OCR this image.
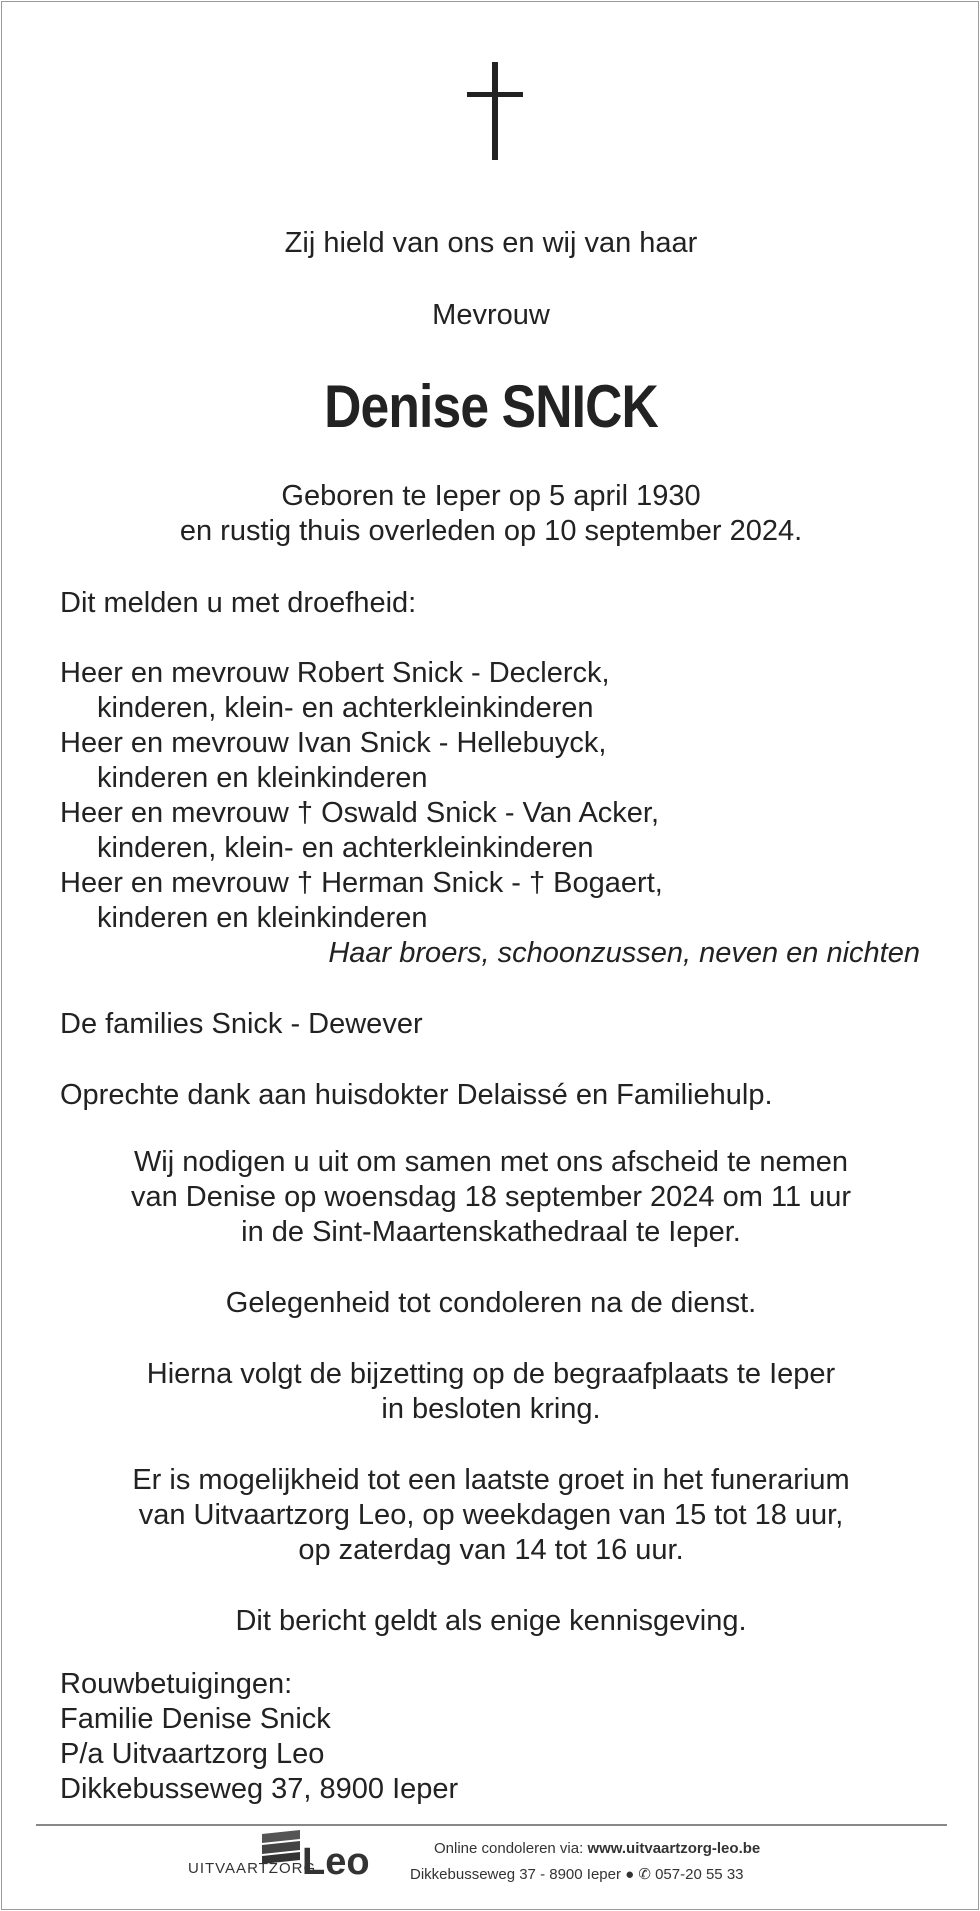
Zij hield van ons en wij van haar
Mevrouw
Denise SNICK
Geboren te Ieper op 5 april 1930
en rustig thuis overleden op 10 september 2024.
Dit melden u met droefheid:
Heer en mevrouw Robert Snick - Declerck,
kinderen, klein- en achterkleinkinderen
Heer en mevrouw Ivan Snick - Hellebuyck,
kinderen en kleinkinderen
Heer en mevrouw † Oswald Snick - Van Acker,
kinderen, klein- en achterkleinkinderen
Heer en mevrouw † Herman Snick - † Bogaert,
kinderen en kleinkinderen
Haar broers, schoonzussen, neven en nichten
De families Snick - Dewever
Oprechte dank aan huisdokter Delaissé en Familiehulp.
Wij nodigen u uit om samen met ons afscheid te nemen
van Denise op woensdag 18 september 2024 om 11 uur
in de Sint-Maartenskathedraal te Ieper.
Gelegenheid tot condoleren na de dienst.
Hierna volgt de bijzetting op de begraafplaats te Ieper
in besloten kring.
Er is mogelijkheid tot een laatste groet in het funerarium
van Uitvaartzorg Leo, op weekdagen van 15 tot 18 uur,
op zaterdag van 14 tot 16 uur.
Dit bericht geldt als enige kennisgeving.
Rouwbetuigingen:
Familie Denise Snick
P/a Uitvaartzorg Leo
Dikkebusseweg 37, 8900 Ieper
UITVAARTZORG
Leo	Online condoleren via: www.uitvaartzorg-leo.be
Dikkebusseweg 37 - 8900 Ieper ● ✆ 057-20 55 33
